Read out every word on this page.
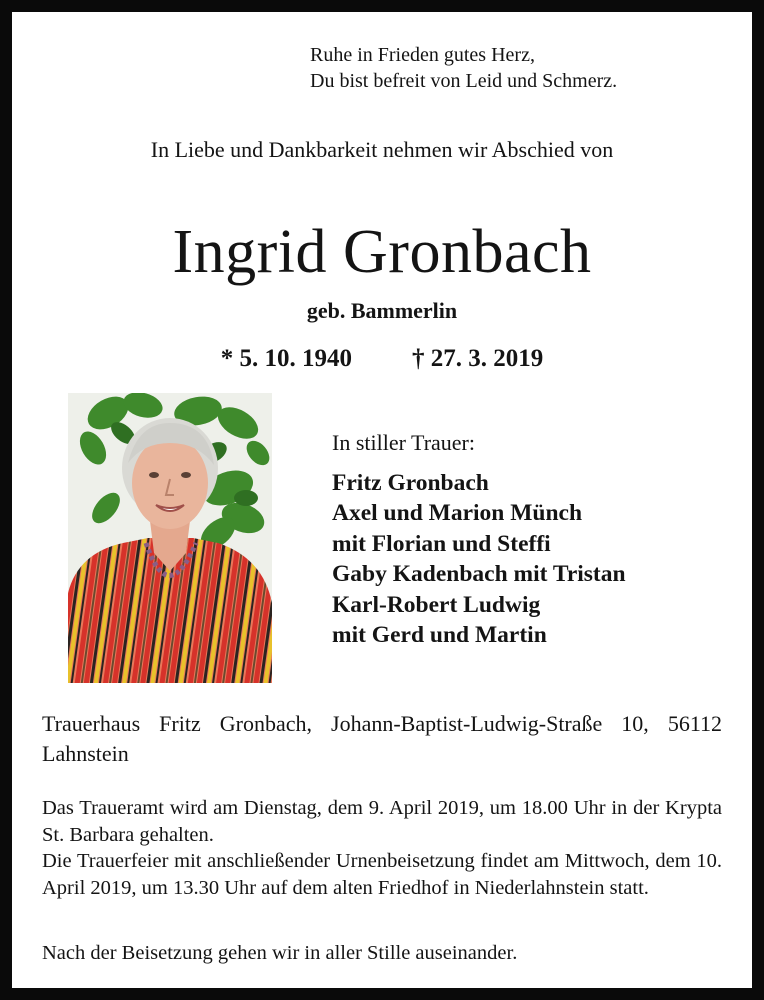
Ruhe in Frieden gutes Herz,
Du bist befreit von Leid und Schmerz.
In Liebe und Dankbarkeit nehmen wir Abschied von
Ingrid Gronbach
geb. Bammerlin
* 5. 10. 1940 † 27. 3. 2019
In stiller Trauer:
Fritz Gronbach
Axel und Marion Münch
mit Florian und Steffi
Gaby Kadenbach mit Tristan
Karl-Robert Ludwig
mit Gerd und Martin
Trauerhaus Fritz Gronbach, Johann-Baptist-Ludwig-Straße 10, 56112 Lahnstein

Das Traueramt wird am Dienstag, dem 9. April 2019, um 18.00 Uhr in der Krypta St. Barbara gehalten.

Die Trauerfeier mit anschließender Urnenbeisetzung findet am Mittwoch, dem 10. April 2019, um 13.30 Uhr auf dem alten Friedhof in Niederlahnstein statt.

Nach der Beisetzung gehen wir in aller Stille auseinander.
